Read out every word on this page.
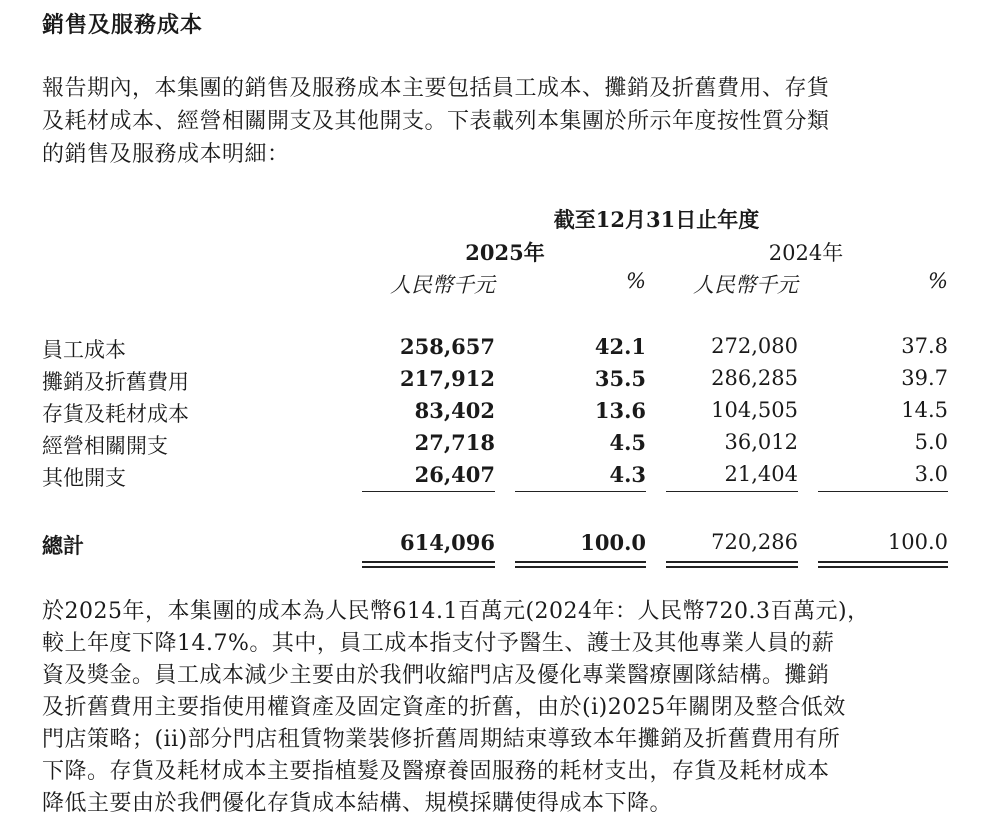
銷售及服務成本

報告期內，本集團的銷售及服務成本主要包括員工成本、攤銷及折舊費用、存貨
及耗材成本、經營相關開支及其他開支。下表載列本集團於所示年度按性質分類
的銷售及服務成本明細：

截至12月31日止年度
2025年	2024年
人民幣千元	%	人民幣千元	%
員工成本	258,657	42.1	272,080	37.8
攤銷及折舊費用	217,912	35.5	286,285	39.7
存貨及耗材成本	83,402	13.6	104,505	14.5
經營相關開支	27,718	4.5	36,012	5.0
其他開支	26,407	4.3	21,404	3.0
總計	614,096	100.0	720,286	100.0

於2025年，本集團的成本為人民幣614.1百萬元(2024年：人民幣720.3百萬元)，
較上年度下降14.7%。其中，員工成本指支付予醫生、護士及其他專業人員的薪
資及獎金。員工成本減少主要由於我們收縮門店及優化專業醫療團隊結構。攤銷
及折舊費用主要指使用權資產及固定資產的折舊，由於(i)2025年關閉及整合低效
門店策略；(ii)部分門店租賃物業裝修折舊周期結束導致本年攤銷及折舊費用有所
下降。存貨及耗材成本主要指植髮及醫療養固服務的耗材支出，存貨及耗材成本
降低主要由於我們優化存貨成本結構、規模採購使得成本下降。
